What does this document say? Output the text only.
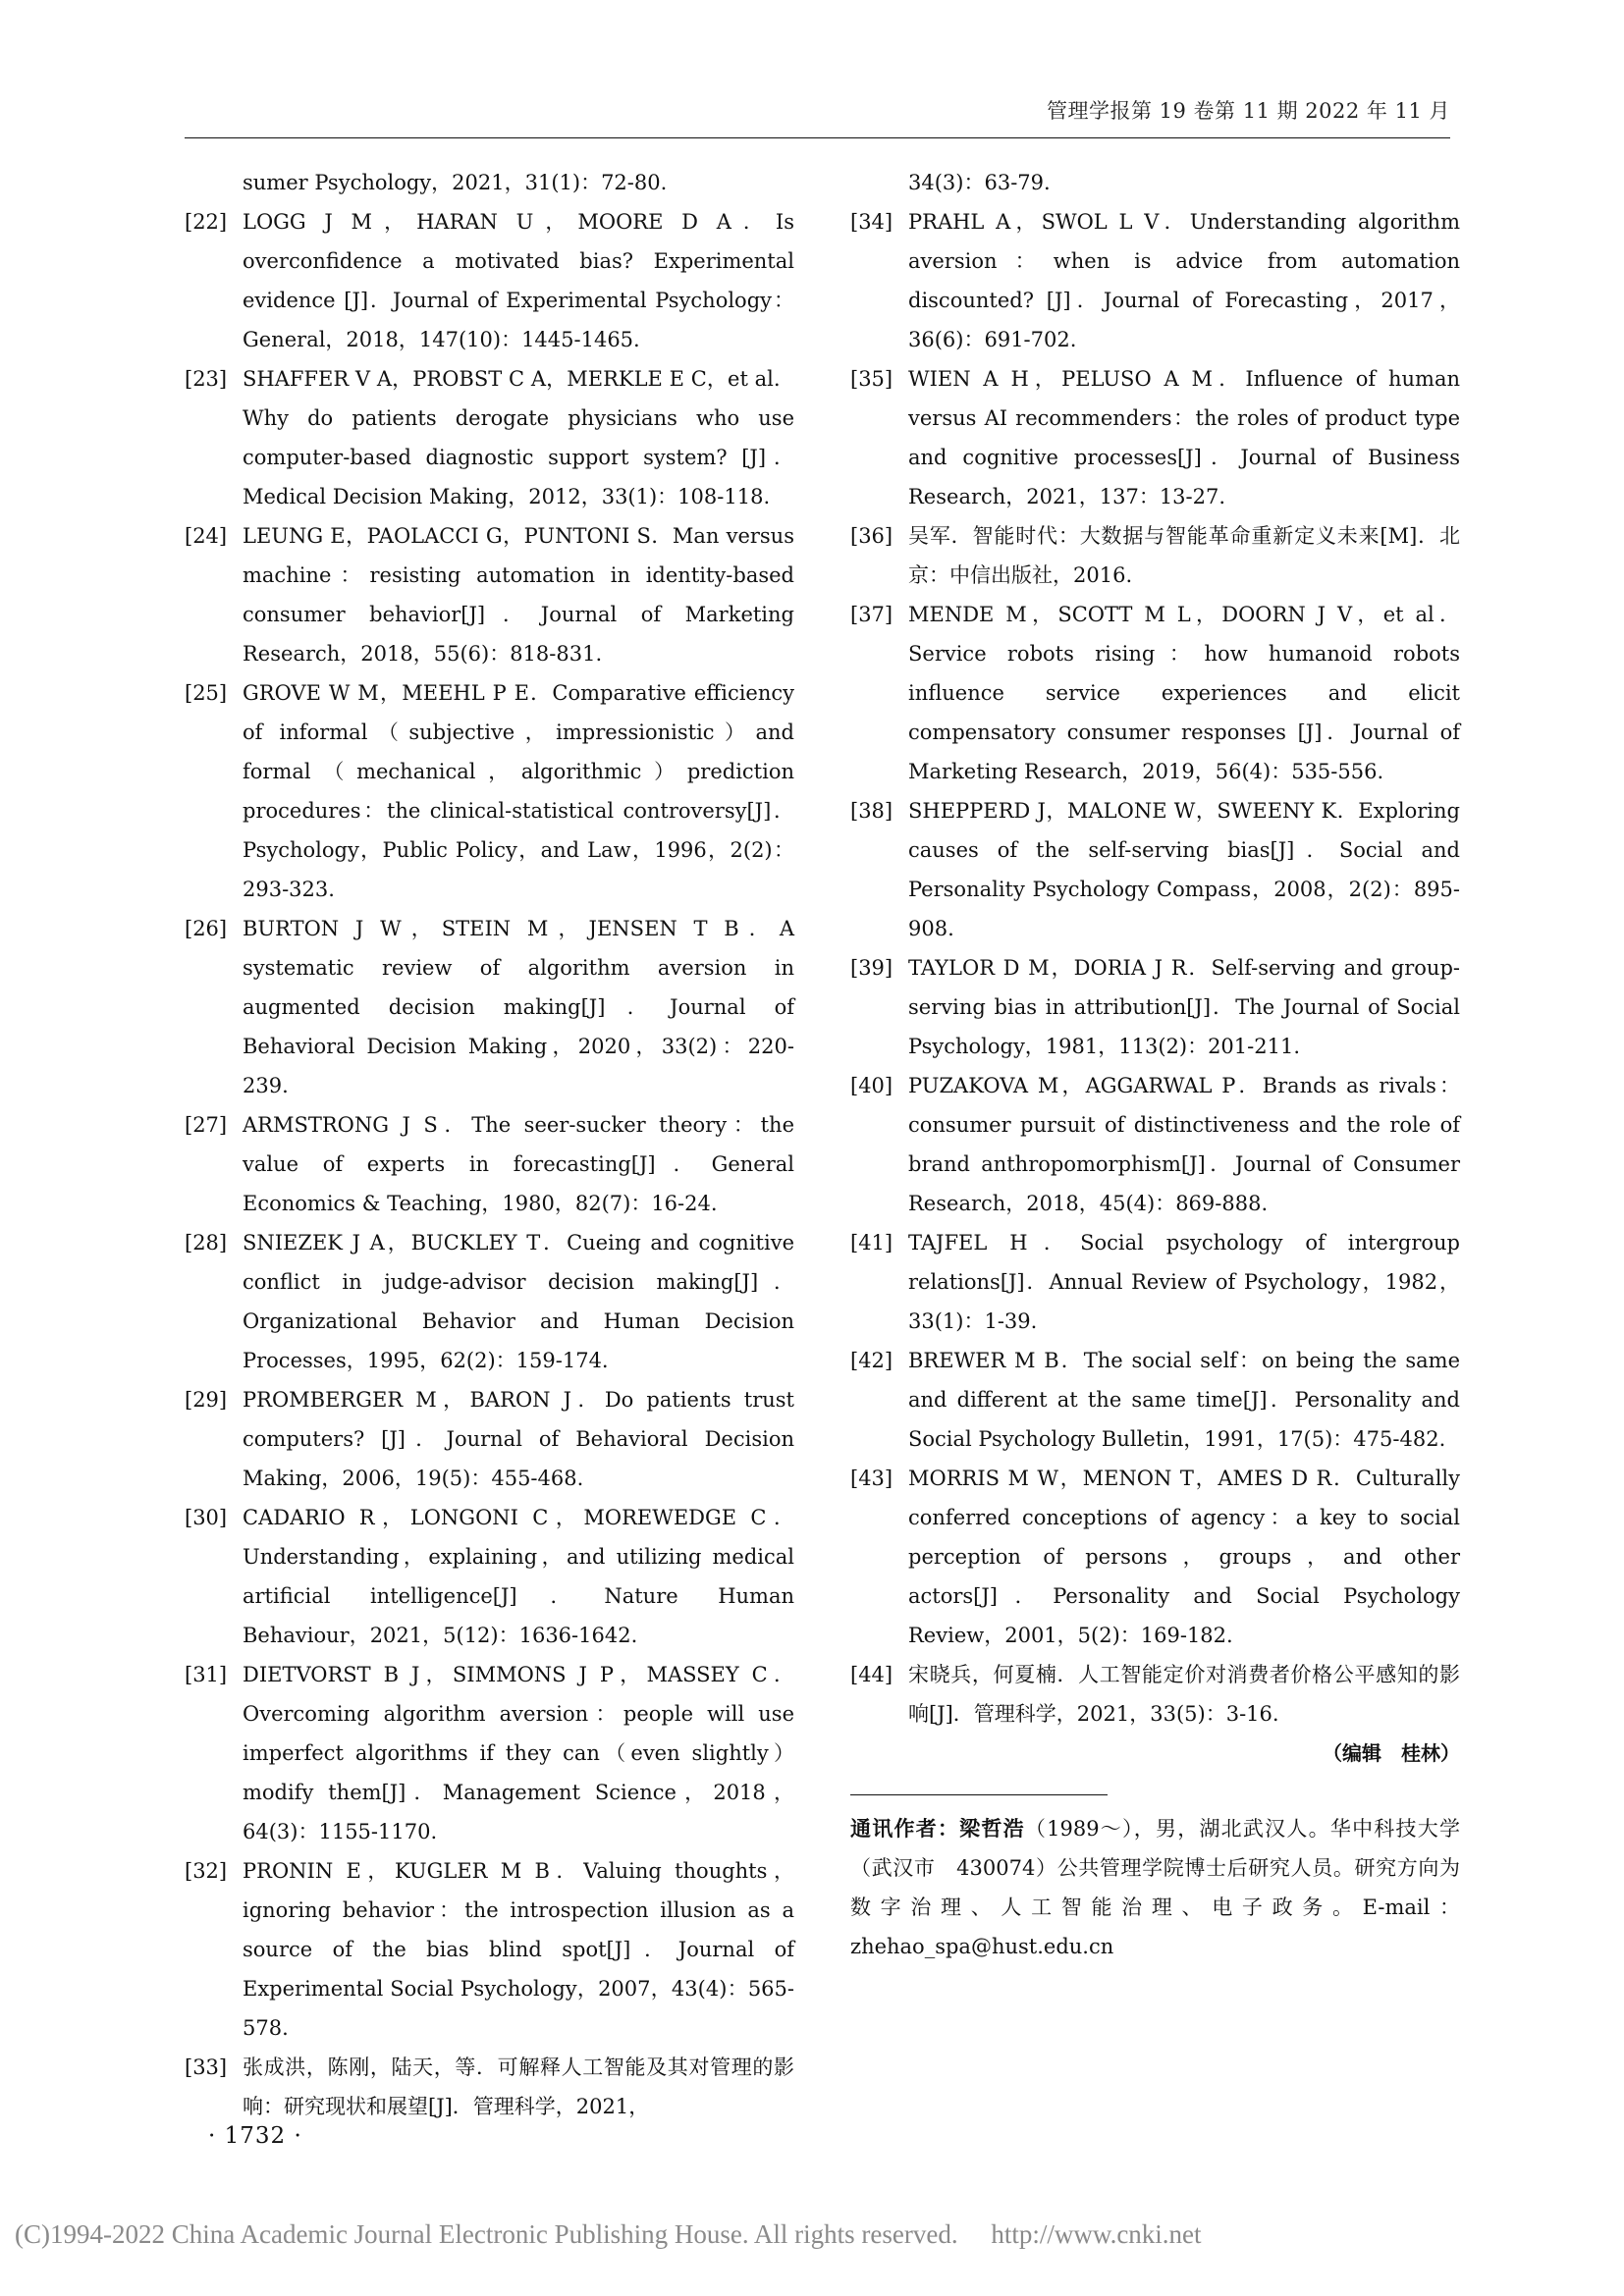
管理学报第 19 卷第 11 期 2022 年 11 月
sumer Psychology，2021，31(1)：72-80.
[22] LOGG J M，HARAN U，MOORE D A．Is overconfidence a motivated bias? Experimental evidence [J]．Journal of Experimental Psychology：General，2018，147(10)：1445-1465.
[23] SHAFFER V A，PROBST C A，MERKLE E C，et al．Why do patients derogate physicians who use computer-based diagnostic support system? [J]．Medical Decision Making，2012，33(1)：108-118.
[24] LEUNG E，PAOLACCI G，PUNTONI S．Man versus machine：resisting automation in identity-based consumer behavior[J]．Journal of Marketing Research，2018，55(6)：818-831.
[25] GROVE W M，MEEHL P E．Comparative efficiency of informal（subjective，impressionistic）and formal（mechanical，algorithmic）prediction procedures：the clinical-statistical controversy[J]．Psychology，Public Policy，and Law，1996，2(2)：293-323.
[26] BURTON J W，STEIN M，JENSEN T B．A systematic review of algorithm aversion in augmented decision making[J]．Journal of Behavioral Decision Making，2020，33(2)：220-239.
[27] ARMSTRONG J S．The seer-sucker theory：the value of experts in forecasting[J]．General Economics & Teaching，1980，82(7)：16-24.
[28] SNIEZEK J A，BUCKLEY T．Cueing and cognitive conflict in judge-advisor decision making[J]．Organizational Behavior and Human Decision Processes，1995，62(2)：159-174.
[29] PROMBERGER M，BARON J．Do patients trust computers? [J]．Journal of Behavioral Decision Making，2006，19(5)：455-468.
[30] CADARIO R，LONGONI C，MOREWEDGE C．Understanding，explaining，and utilizing medical artificial intelligence[J]．Nature Human Behaviour，2021，5(12)：1636-1642.
[31] DIETVORST B J，SIMMONS J P，MASSEY C．Overcoming algorithm aversion：people will use imperfect algorithms if they can（even slightly）modify them[J]．Management Science，2018，64(3)：1155-1170.
[32] PRONIN E，KUGLER M B．Valuing thoughts，ignoring behavior：the introspection illusion as a source of the bias blind spot[J]．Journal of Experimental Social Psychology，2007，43(4)：565-578.
[33] 张成洪，陈刚，陆天，等．可解释人工智能及其对管理的影响：研究现状和展望[J]．管理科学，2021，
34(3)：63-79.
[34] PRAHL A，SWOL L V．Understanding algorithm aversion：when is advice from automation discounted? [J]．Journal of Forecasting，2017，36(6)：691-702.
[35] WIEN A H，PELUSO A M．Influence of human versus AI recommenders：the roles of product type and cognitive processes[J]．Journal of Business Research，2021，137：13-27.
[36] 吴军．智能时代：大数据与智能革命重新定义未来[M]．北京：中信出版社，2016.
[37] MENDE M，SCOTT M L，DOORN J V，et al．Service robots rising：how humanoid robots influence service experiences and elicit compensatory consumer responses [J]．Journal of Marketing Research，2019，56(4)：535-556.
[38] SHEPPERD J，MALONE W，SWEENY K．Exploring causes of the self-serving bias[J]．Social and Personality Psychology Compass，2008，2(2)：895-908.
[39] TAYLOR D M，DORIA J R．Self-serving and group-serving bias in attribution[J]．The Journal of Social Psychology，1981，113(2)：201-211.
[40] PUZAKOVA M，AGGARWAL P．Brands as rivals：consumer pursuit of distinctiveness and the role of brand anthropomorphism[J]．Journal of Consumer Research，2018，45(4)：869-888.
[41] TAJFEL H．Social psychology of intergroup relations[J]．Annual Review of Psychology，1982，33(1)：1-39.
[42] BREWER M B．The social self：on being the same and different at the same time[J]．Personality and Social Psychology Bulletin，1991，17(5)：475-482.
[43] MORRIS M W，MENON T，AMES D R．Culturally conferred conceptions of agency：a key to social perception of persons，groups，and other actors[J]．Personality and Social Psychology Review，2001，5(2)：169-182.
[44] 宋晓兵，何夏楠．人工智能定价对消费者价格公平感知的影响[J]．管理科学，2021，33(5)：3-16.
（编辑　桂林）
通讯作者：梁哲浩（1989～），男，湖北武汉人。华中科技大学（武汉市　430074）公共管理学院博士后研究人员。研究方向为数字治理、人工智能治理、电子政务。E-mail：zhehao_spa@hust.edu.cn
· 1732 ·
(C)1994-2022 China Academic Journal Electronic Publishing House. All rights reserved.　 http://www.cnki.net
